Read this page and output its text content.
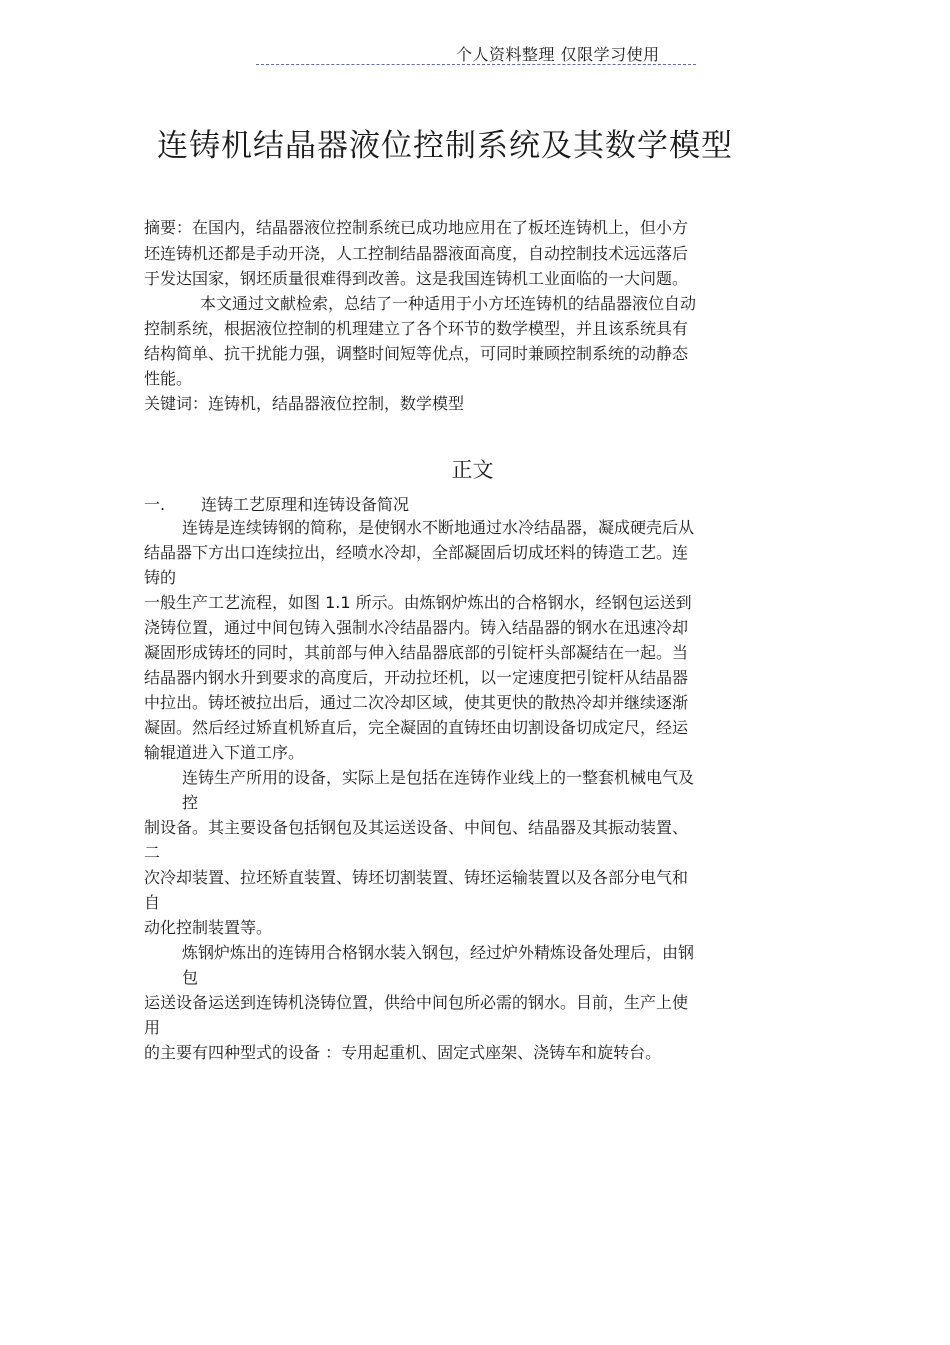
个人资料整理 仅限学习使用
连铸机结晶器液位控制系统及其数学模型
摘要：在国内，结晶器液位控制系统已成功地应用在了板坯连铸机上，但小方
坯连铸机还都是手动开浇，人工控制结晶器液面高度，自动控制技术远远落后
于发达国家，钢坯质量很难得到改善。这是我国连铸机工业面临的一大问题。
本文通过文献检索，总结了一种适用于小方坯连铸机的结晶器液位自动
控制系统，根据液位控制的机理建立了各个环节的数学模型，并且该系统具有
结构简单、抗干扰能力强，调整时间短等优点，可同时兼顾控制系统的动静态
性能。
关键词：连铸机，结晶器液位控制，数学模型
正文
一. 连铸工艺原理和连铸设备简况
连铸是连续铸钢的简称，是使钢水不断地通过水冷结晶器，凝成硬壳后从
结晶器下方出口连续拉出，经喷水冷却，全部凝固后切成坯料的铸造工艺。连
铸的
一般生产工艺流程，如图 1.1 所示。由炼钢炉炼出的合格钢水，经钢包运送到
浇铸位置，通过中间包铸入强制水冷结晶器内。铸入结晶器的钢水在迅速冷却
凝固形成铸坯的同时，其前部与伸入结晶器底部的引锭杆头部凝结在一起。当
结晶器内钢水升到要求的高度后，开动拉坯机，以一定速度把引锭杆从结晶器
中拉出。铸坯被拉出后，通过二次冷却区域，使其更快的散热冷却并继续逐渐
凝固。然后经过矫直机矫直后，完全凝固的直铸坯由切割设备切成定尺，经运
输辊道进入下道工序。
连铸生产所用的设备，实际上是包括在连铸作业线上的一整套机械电气及
控
制设备。其主要设备包括钢包及其运送设备、中间包、结晶器及其振动装置、
二
次冷却装置、拉坯矫直装置、铸坯切割装置、铸坯运输装置以及各部分电气和
自
动化控制装置等。
炼钢炉炼出的连铸用合格钢水装入钢包，经过炉外精炼设备处理后，由钢
包
运送设备运送到连铸机浇铸位置，供给中间包所必需的钢水。目前，生产上使
用
的主要有四种型式的设备 ：专用起重机、固定式座架、浇铸车和旋转台。
